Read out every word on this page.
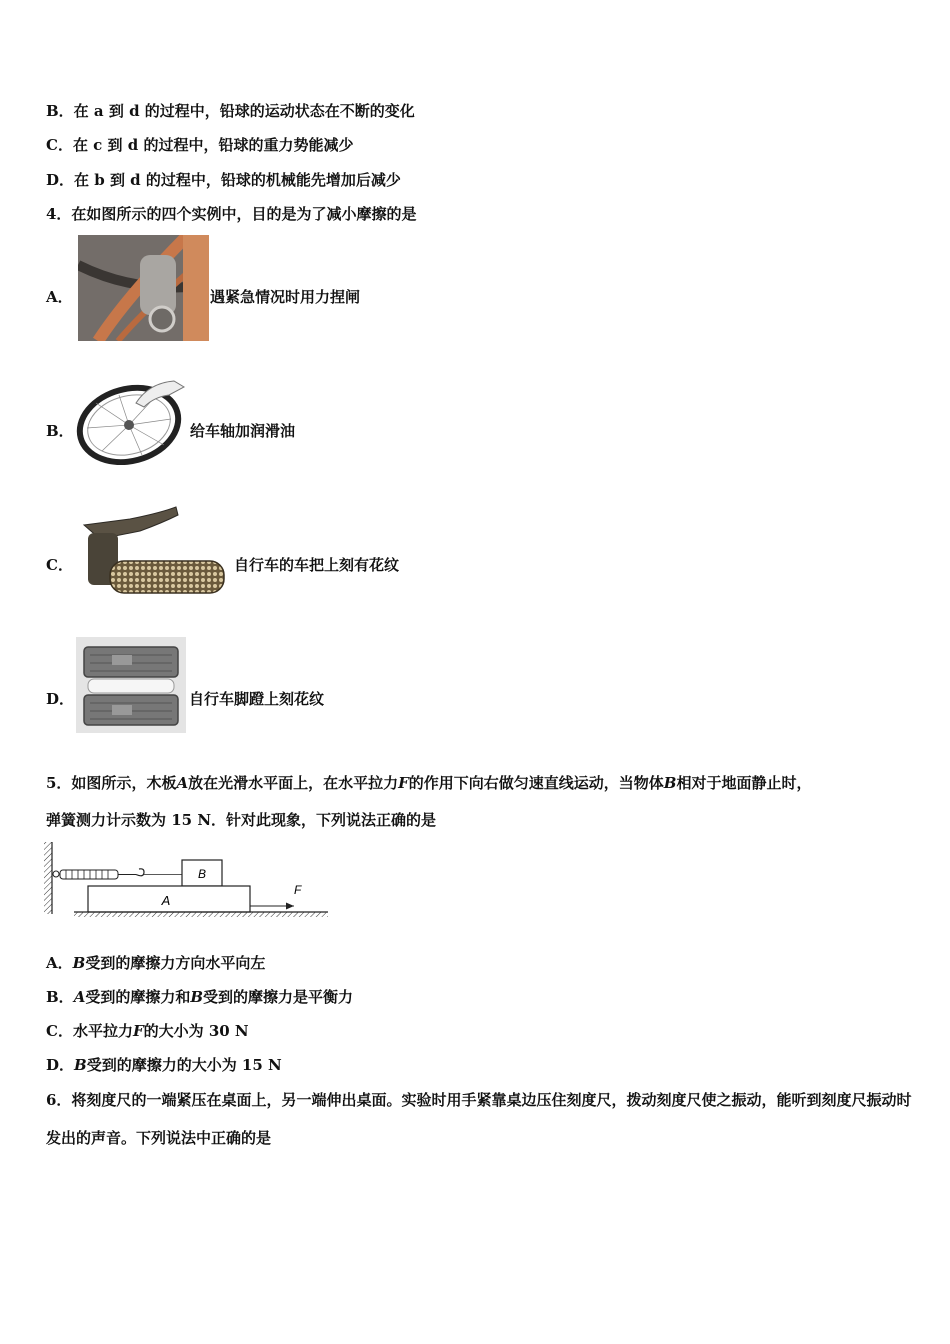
B．在 a 到 d 的过程中，铅球的运动状态在不断的变化
C．在 c 到 d 的过程中，铅球的重力势能减少
D．在 b 到 d 的过程中，铅球的机械能先增加后减少
4．在如图所示的四个实例中，目的是为了减小摩擦的是
A．	遇紧急情况时用力捏闸
B．	给车轴加润滑油
C．	自行车的车把上刻有花纹
D．	自行车脚蹬上刻花纹
5．如图所示，木板A放在光滑水平面上，在水平拉力F的作用下向右做匀速直线运动，当物体B相对于地面静止时，
弹簧测力计示数为 15 N．针对此现象，下列说法正确的是
B
A
F
A．B受到的摩擦力方向水平向左
B．A受到的摩擦力和B受到的摩擦力是平衡力
C．水平拉力F的大小为 30 N
D．B受到的摩擦力的大小为 15 N
6．将刻度尺的一端紧压在桌面上，另一端伸出桌面。实验时用手紧靠桌边压住刻度尺，拨动刻度尺使之振动，能听到刻度尺振动时发出的声音。下列说法中正确的是
